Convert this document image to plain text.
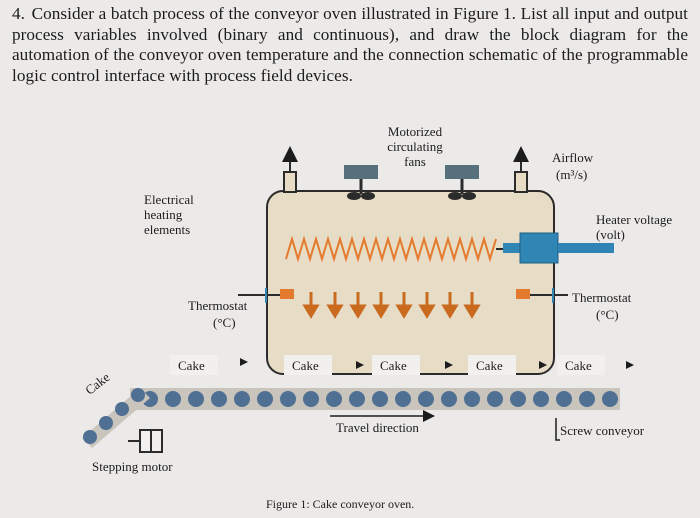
4. Consider a batch process of the conveyor oven illustrated in Figure 1. List all input and output process variables involved (binary and continuous), and draw the block diagram for the automation of the conveyor oven temperature and the connection schematic of the programmable logic control interface with process field devices.
Motorized circulating fans
Electrical heating elements
Airflow
(m³/s)
Heater voltage (volt)
Thermostat
(°C)
Thermostat
(°C)
Cake
Cake	Cake	Cake	Cake	Cake
Travel direction	Screw conveyor
Stepping motor
Figure 1: Cake conveyor oven.
